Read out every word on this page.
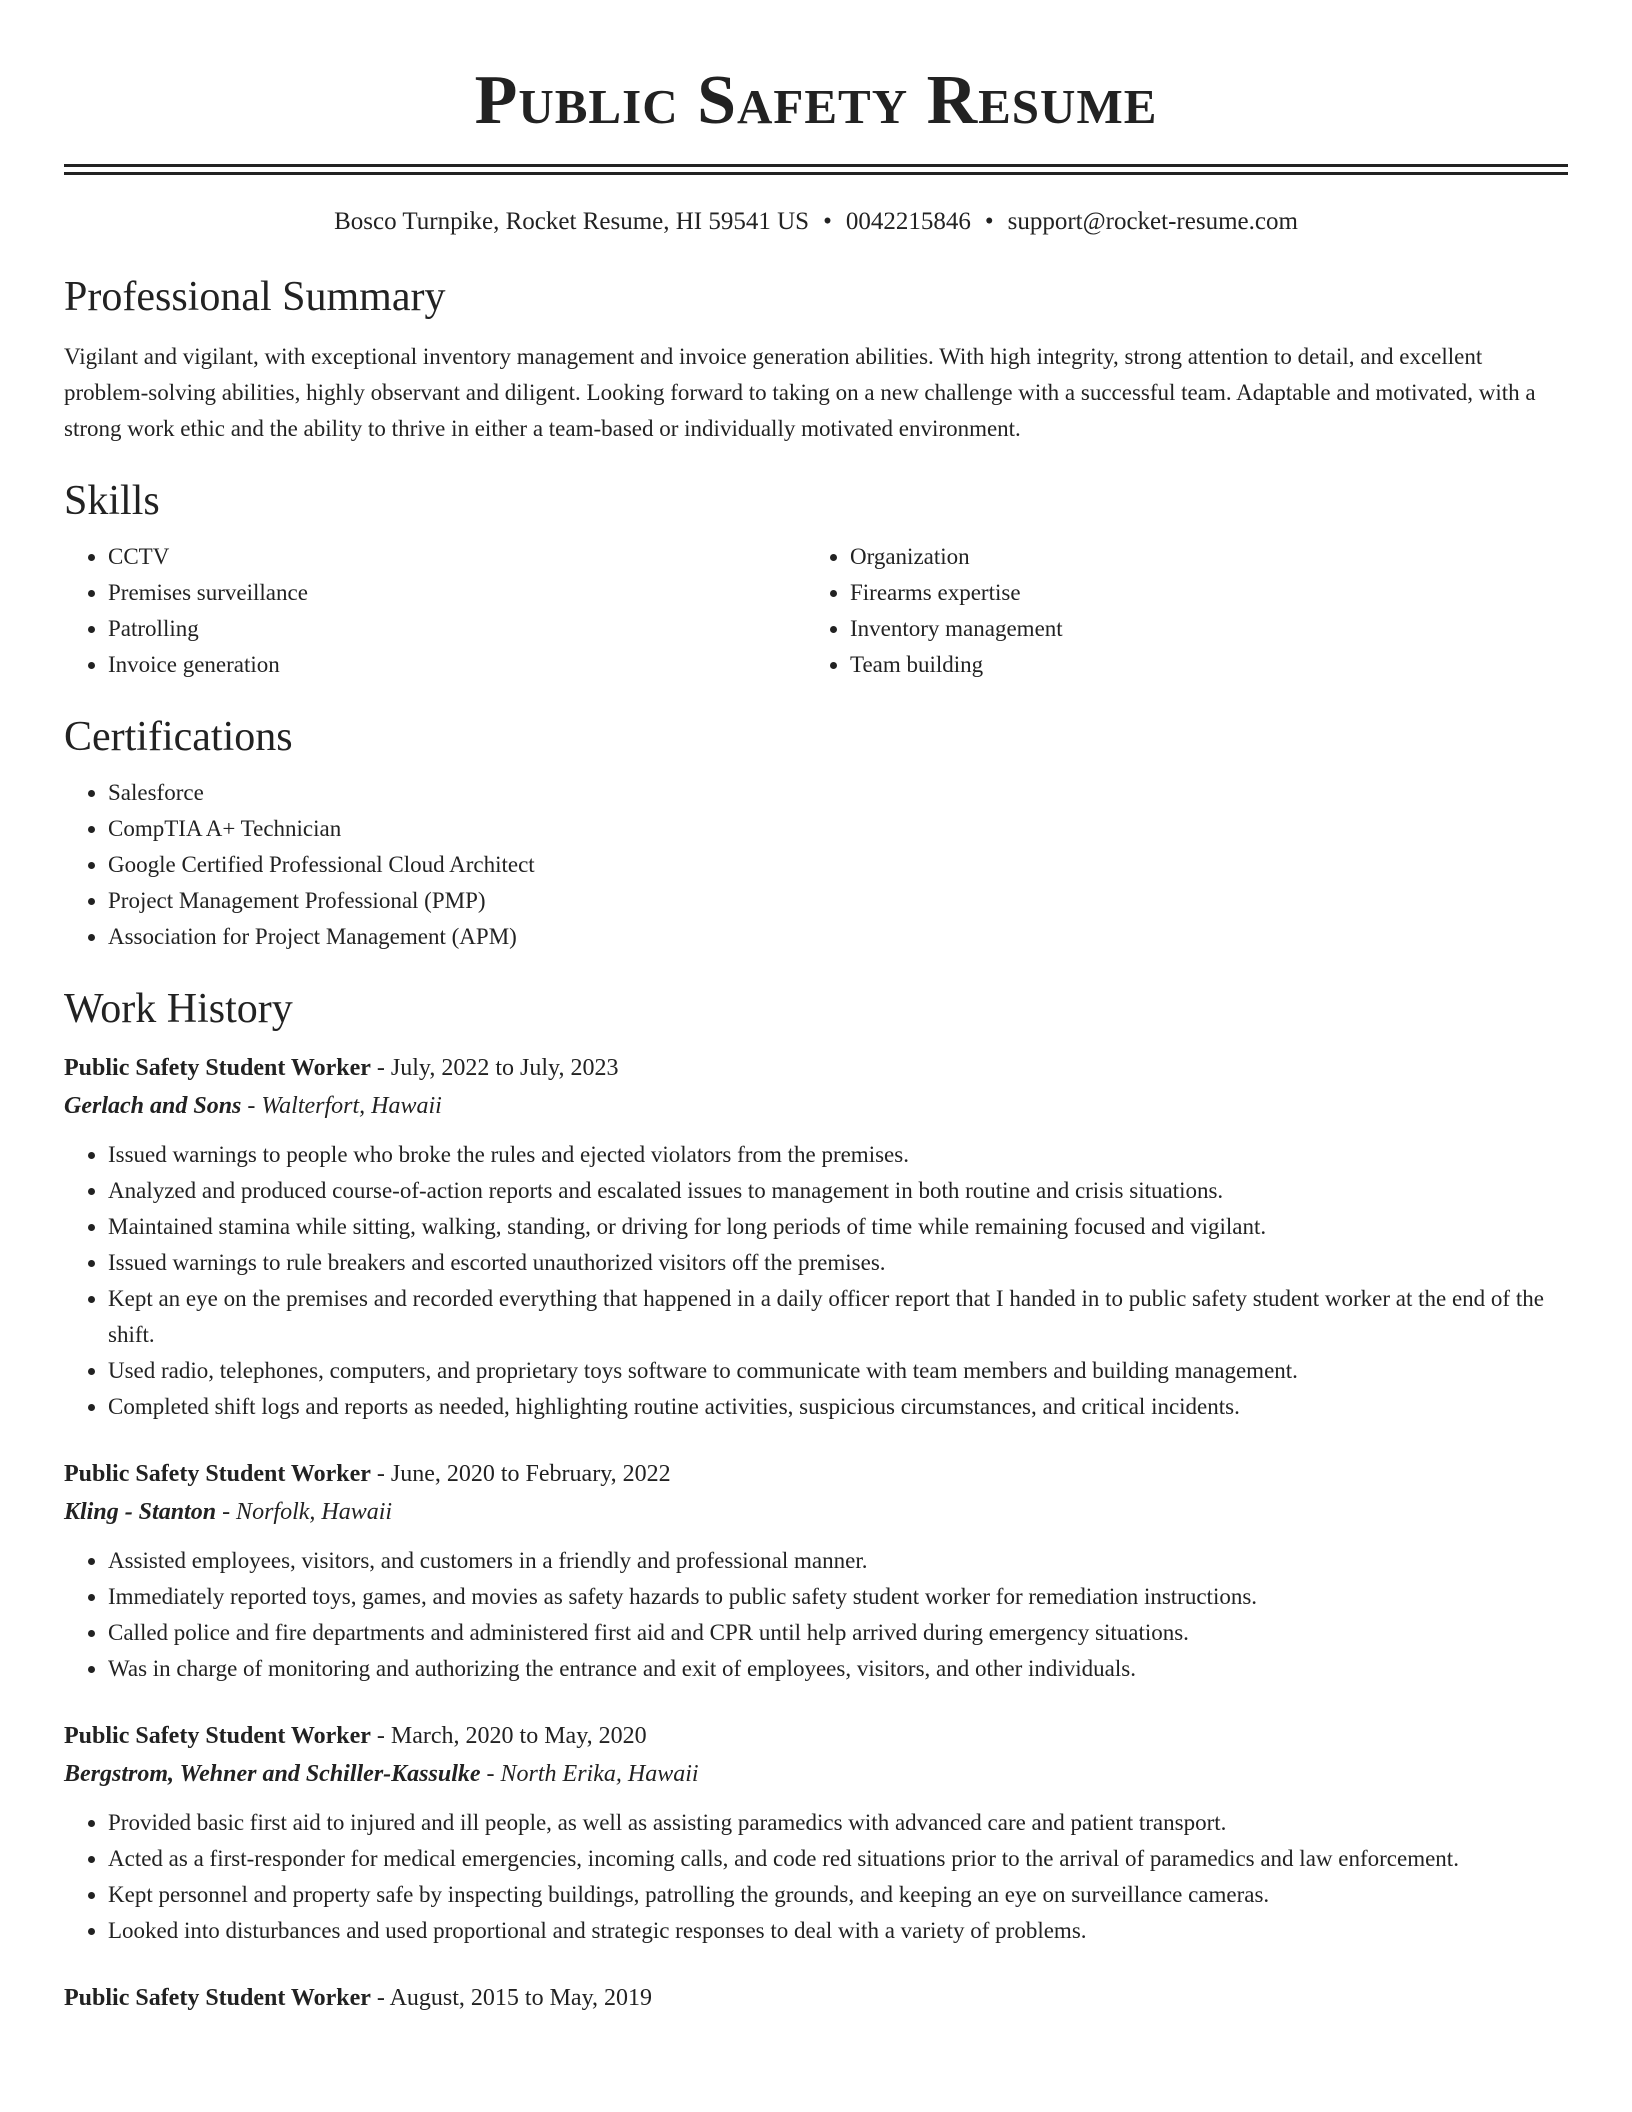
Public Safety Resume
Bosco Turnpike, Rocket Resume, HI 59541 US • 0042215846 • support@rocket-resume.com
Professional Summary

Vigilant and vigilant, with exceptional inventory management and invoice generation abilities. With high integrity, strong attention to detail, and excellent problem-solving abilities, highly observant and diligent. Looking forward to taking on a new challenge with a successful team. Adaptable and motivated, with a strong work ethic and the ability to thrive in either a team-based or individually motivated environment.

Skills
• CCTV
• Premises surveillance
• Patrolling
• Invoice generation
• Organization
• Firearms expertise
• Inventory management
• Team building
Certifications
• Salesforce
• CompTIA A+ Technician
• Google Certified Professional Cloud Architect
• Project Management Professional (PMP)
• Association for Project Management (APM)
Work History
Public Safety Student Worker - July, 2022 to July, 2023
Gerlach and Sons - Walterfort, Hawaii
• Issued warnings to people who broke the rules and ejected violators from the premises.
• Analyzed and produced course-of-action reports and escalated issues to management in both routine and crisis situations.
• Maintained stamina while sitting, walking, standing, or driving for long periods of time while remaining focused and vigilant.
• Issued warnings to rule breakers and escorted unauthorized visitors off the premises.
• Kept an eye on the premises and recorded everything that happened in a daily officer report that I handed in to public safety student worker at the end of the shift.
• Used radio, telephones, computers, and proprietary toys software to communicate with team members and building management.
• Completed shift logs and reports as needed, highlighting routine activities, suspicious circumstances, and critical incidents.
Public Safety Student Worker - June, 2020 to February, 2022
Kling - Stanton - Norfolk, Hawaii
• Assisted employees, visitors, and customers in a friendly and professional manner.
• Immediately reported toys, games, and movies as safety hazards to public safety student worker for remediation instructions.
• Called police and fire departments and administered first aid and CPR until help arrived during emergency situations.
• Was in charge of monitoring and authorizing the entrance and exit of employees, visitors, and other individuals.
Public Safety Student Worker - March, 2020 to May, 2020
Bergstrom, Wehner and Schiller-Kassulke - North Erika, Hawaii
• Provided basic first aid to injured and ill people, as well as assisting paramedics with advanced care and patient transport.
• Acted as a first-responder for medical emergencies, incoming calls, and code red situations prior to the arrival of paramedics and law enforcement.
• Kept personnel and property safe by inspecting buildings, patrolling the grounds, and keeping an eye on surveillance cameras.
• Looked into disturbances and used proportional and strategic responses to deal with a variety of problems.
Public Safety Student Worker - August, 2015 to May, 2019
